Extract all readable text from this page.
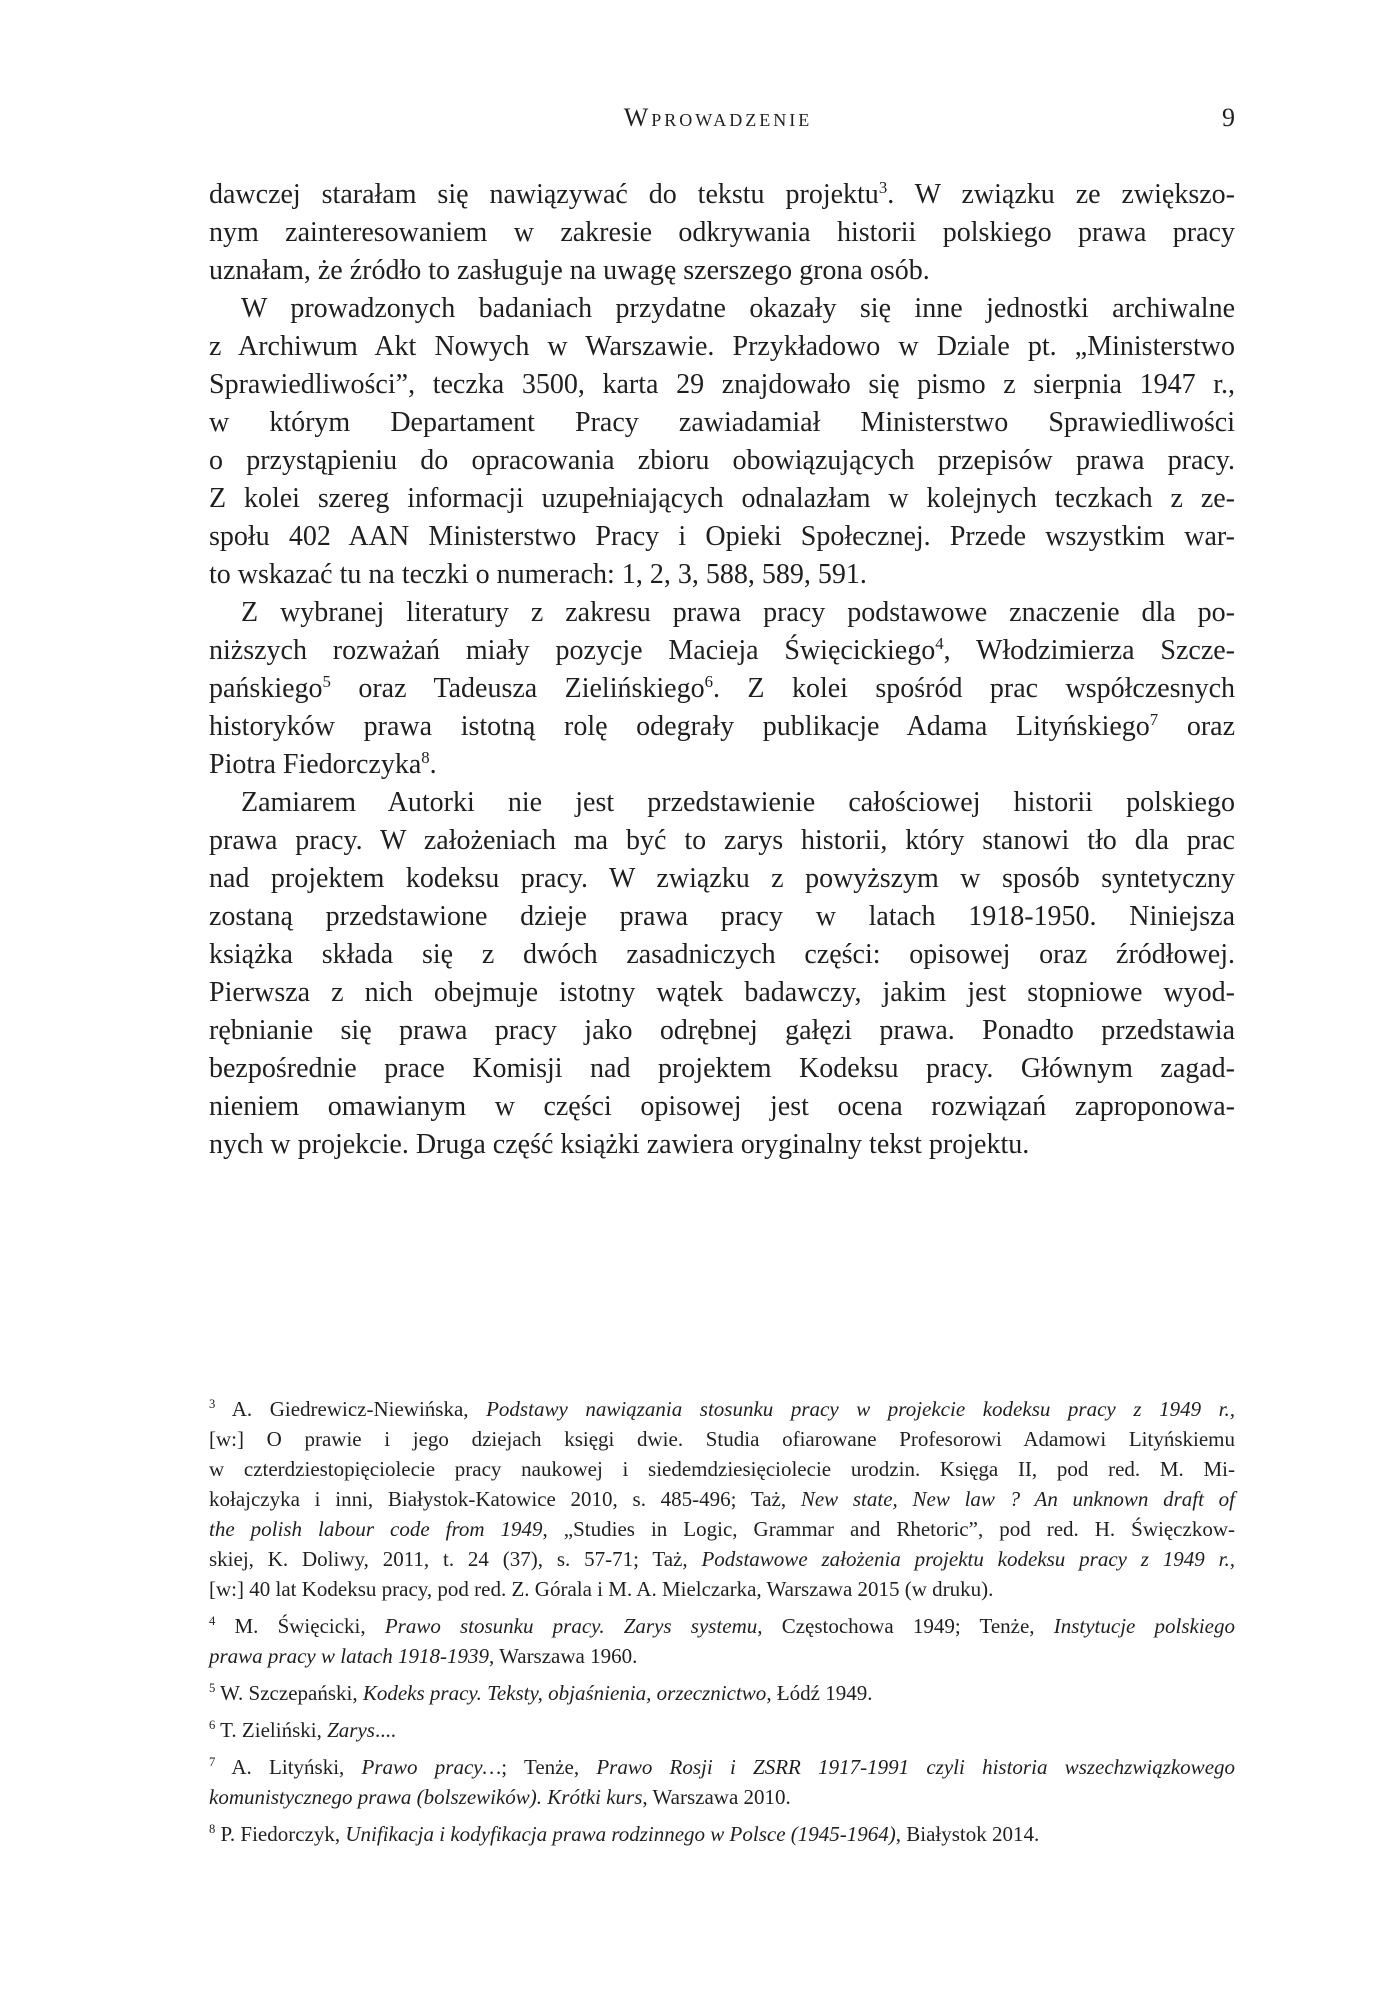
Wprowadzenie	9
dawczej starałam się nawiązywać do tekstu projektu$^3$. W związku ze zwiększo-
nym zainteresowaniem w zakresie odkrywania historii polskiego prawa pracy
uznałam, że źródło to zasługuje na uwagę szerszego grona osób.
W prowadzonych badaniach przydatne okazały się inne jednostki archiwalne
z Archiwum Akt Nowych w Warszawie. Przykładowo w Dziale pt. „Ministerstwo
Sprawiedliwości”, teczka 3500, karta 29 znajdowało się pismo z sierpnia 1947 r.,
w którym Departament Pracy zawiadamiał Ministerstwo Sprawiedliwości
o przystąpieniu do opracowania zbioru obowiązujących przepisów prawa pracy.
Z kolei szereg informacji uzupełniających odnalazłam w kolejnych teczkach z ze-
społu 402 AAN Ministerstwo Pracy i Opieki Społecznej. Przede wszystkim war-
to wskazać tu na teczki o numerach: 1, 2, 3, 588, 589, 591.
Z wybranej literatury z zakresu prawa pracy podstawowe znaczenie dla po-
niższych rozważań miały pozycje Macieja Święcickiego$^4$, Włodzimierza Szcze-
pańskiego$^5$ oraz Tadeusza Zielińskiego$^6$. Z kolei spośród prac współczesnych
historyków prawa istotną rolę odegrały publikacje Adama Lityńskiego$^7$ oraz
Piotra Fiedorczyka$^8$.
Zamiarem Autorki nie jest przedstawienie całościowej historii polskiego
prawa pracy. W założeniach ma być to zarys historii, który stanowi tło dla prac
nad projektem kodeksu pracy. W związku z powyższym w sposób syntetyczny
zostaną przedstawione dzieje prawa pracy w latach 1918-1950. Niniejsza
książka składa się z dwóch zasadniczych części: opisowej oraz źródłowej.
Pierwsza z nich obejmuje istotny wątek badawczy, jakim jest stopniowe wyod-
rębnianie się prawa pracy jako odrębnej gałęzi prawa. Ponadto przedstawia
bezpośrednie prace Komisji nad projektem Kodeksu pracy. Głównym zagad-
nieniem omawianym w części opisowej jest ocena rozwiązań zaproponowa-
nych w projekcie. Druga część książki zawiera oryginalny tekst projektu.
$^3$ A. Giedrewicz-Niewińska, Podstawy nawiązania stosunku pracy w projekcie kodeksu pracy z 1949 r.,
[w:] O prawie i jego dziejach księgi dwie. Studia ofiarowane Profesorowi Adamowi Lityńskiemu
w czterdziestopięciolecie pracy naukowej i siedemdziesięciolecie urodzin. Księga II, pod red. M. Mi-
kołajczyka i inni, Białystok-Katowice 2010, s. 485-496; Taż, New state, New law ? An unknown draft of
the polish labour code from 1949, „Studies in Logic, Grammar and Rhetoric”, pod red. H. Święczkow-
skiej, K. Doliwy, 2011, t. 24 (37), s. 57-71; Taż, Podstawowe założenia projektu kodeksu pracy z 1949 r.,
[w:] 40 lat Kodeksu pracy, pod red. Z. Górala i M. A. Mielczarka, Warszawa 2015 (w druku).
$^4$ M. Święcicki, Prawo stosunku pracy. Zarys systemu, Częstochowa 1949; Tenże, Instytucje polskiego
prawa pracy w latach 1918-1939, Warszawa 1960.
$^5$ W. Szczepański, Kodeks pracy. Teksty, objaśnienia, orzecznictwo, Łódź 1949.
$^6$ T. Zieliński, Zarys....
$^7$ A. Lityński, Prawo pracy…; Tenże, Prawo Rosji i ZSRR 1917-1991 czyli historia wszechzwiązkowego
komunistycznego prawa (bolszewików). Krótki kurs, Warszawa 2010.
$^8$ P. Fiedorczyk, Unifikacja i kodyfikacja prawa rodzinnego w Polsce (1945-1964), Białystok 2014.
